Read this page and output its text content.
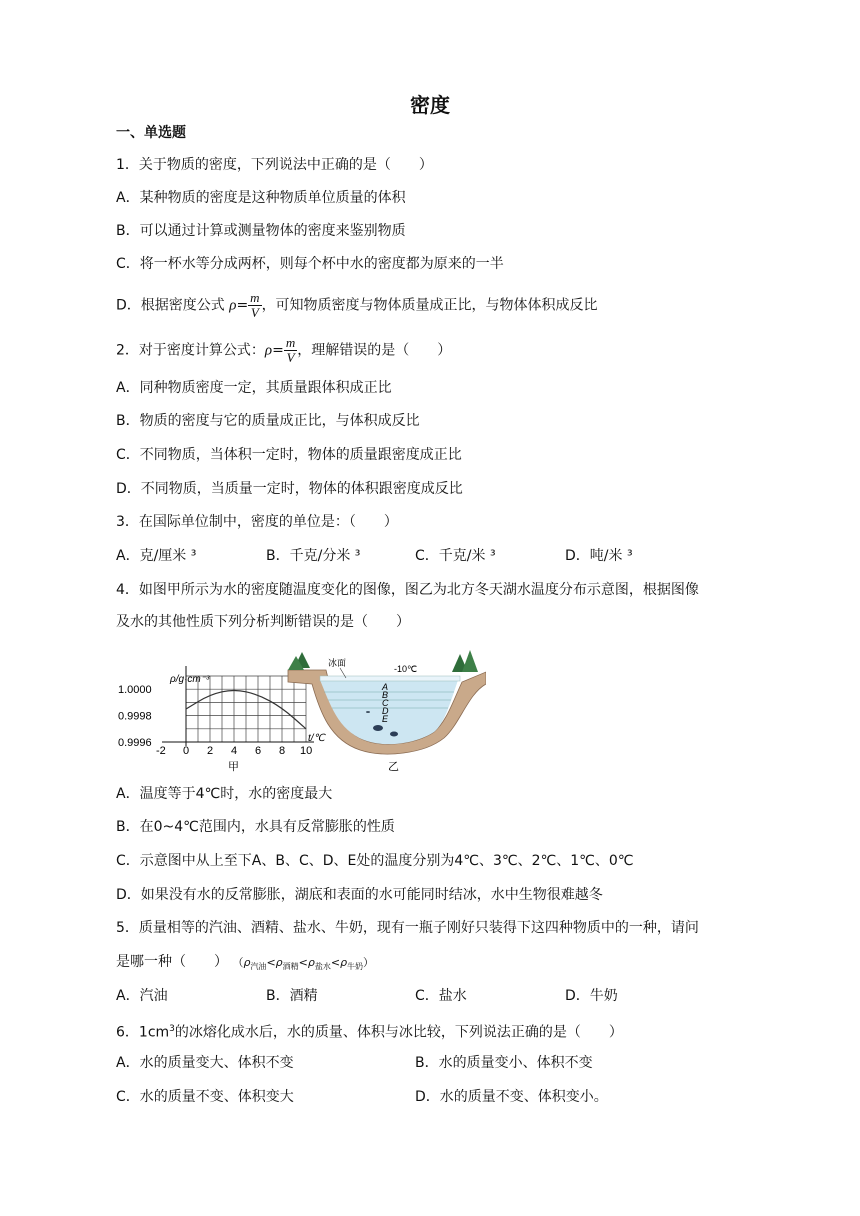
密度
一、单选题
1．关于物质的密度，下列说法中正确的是（　　）
A．某种物质的密度是这种物质单位质量的体积
B．可以通过计算或测量物体的密度来鉴别物质
C．将一杯水等分成两杯，则每个杯中水的密度都为原来的一半
D．根据密度公式 $\rho= \frac{m}{V}$ ，可知物质密度与物体质量成正比，与物体体积成反比
2．对于密度计算公式：$\rho= \frac{m}{V}$ ，理解错误的是（　　）
A．同种物质密度一定，其质量跟体积成正比
B．物质的密度与它的质量成正比，与体积成反比
C．不同物质，当体积一定时，物体的质量跟密度成正比
D．不同物质，当质量一定时，物体的体积跟密度成反比
3．在国际单位制中，密度的单位是：（　　）
A．克/厘米 ³	B．千克/分米 ³	C．千克/米 ³	D．吨/米 ³
4．如图甲所示为水的密度随温度变化的图像，图乙为北方冬天湖水温度分布示意图，根据图像
及水的其他性质下列分析判断错误的是（　　）
ρ/g·cm⁻³
t/℃
1.0000
0.9998
0.9996
-2 0 2 4 6 8 10
甲
冰面
-10℃
A
B
C
D
E
乙
A．温度等于4℃时，水的密度最大
B．在0~4℃范围内，水具有反常膨胀的性质
C．示意图中从上至下A、B、C、D、E处的温度分别为4℃、3℃、2℃、1℃、0℃
D．如果没有水的反常膨胀，湖底和表面的水可能同时结冰，水中生物很难越冬
5．质量相等的汽油、酒精、盐水、牛奶，现有一瓶子刚好只装得下这四种物质中的一种，请问
是哪一种（　　） $(\rho_{汽油}<\rho_{酒精}<\rho_{盐水}<\rho_{牛奶})$
A．汽油	B．酒精	C．盐水	D．牛奶
6．$1cm^3$的冰熔化成水后，水的质量、体积与冰比较，下列说法正确的是（　　）
A．水的质量变大、体积不变	B．水的质量变小、体积不变
C．水的质量不变、体积变大	D．水的质量不变、体积变小。
